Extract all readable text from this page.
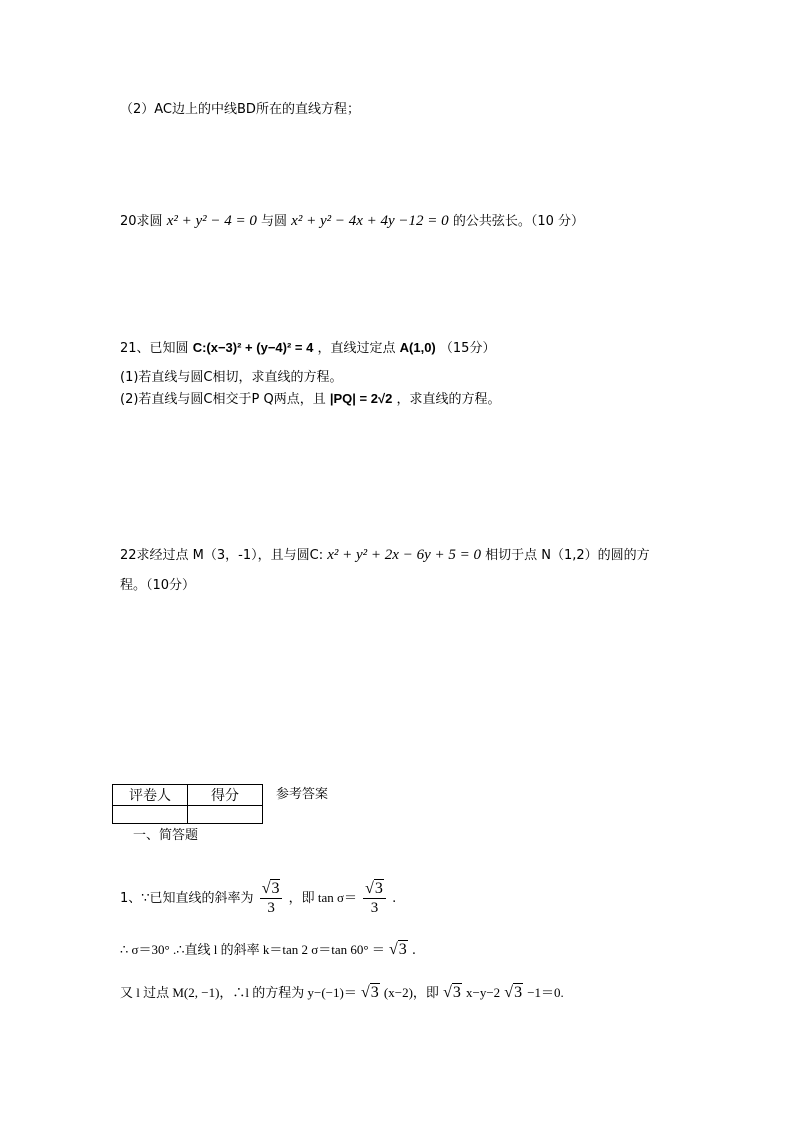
（2）AC边上的中线BD所在的直线方程；
20求圆 x² + y² − 4 = 0 与圆 x² + y² − 4x + 4y −12 = 0 的公共弦长。（10 分）
21、已知圆 C:(x−3)² + (y−4)² = 4 ，直线过定点 A(1,0) （15分）
(1)若直线与圆C相切，求直线的方程。
(2)若直线与圆C相交于P Q两点，且 |PQ| = 2√2 ，求直线的方程。
22求经过点 M（3，-1），且与圆C: x² + y² + 2x − 6y + 5 = 0 相切于点 N（1,2）的圆的方
程。（10分）
评卷人	得分
		参考答案
一、简答题
1、∵已知直线的斜率为 $\frac{√3}{3}$ ，即 $\tan \sigma= \frac{√3}{3}$ .
∴ σ＝30° .∴直线 l 的斜率 k＝tan 2 σ＝tan 60° ＝ √3 .
又 l 过点 M(2, −1)，∴l 的方程为 y−(−1)＝ √3 (x−2)，即 √3 x−y−2 √3 −1＝0.
